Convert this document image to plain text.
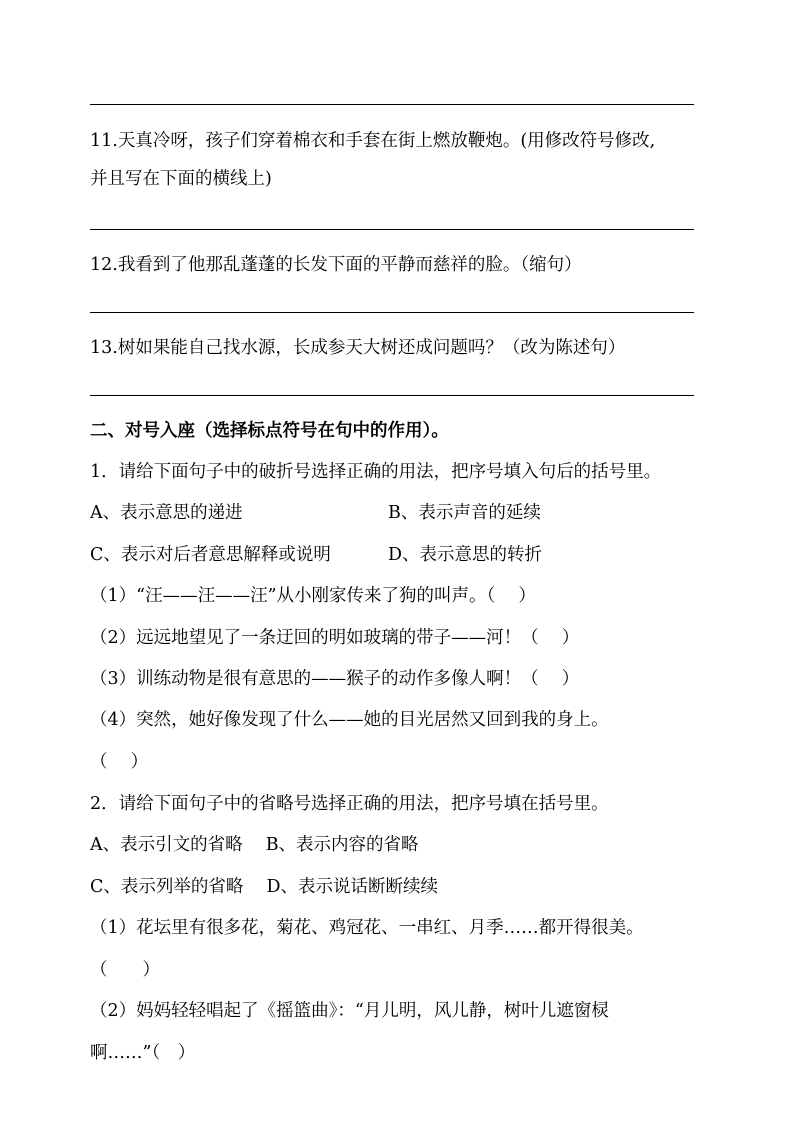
11.天真冷呀，孩子们穿着棉衣和手套在街上燃放鞭炮。(用修改符号修改,
并且写在下面的横线上)
12.我看到了他那乱蓬蓬的长发下面的平静而慈祥的脸。（缩句）
13.树如果能自己找水源，长成参天大树还成问题吗？（改为陈述句）
二、对号入座（选择标点符号在句中的作用）。
1．请给下面句子中的破折号选择正确的用法，把序号填入句后的括号里。
A、表示意思的递进	B、表示声音的延续
C、表示对后者意思解释或说明	D、表示意思的转折
（1）“汪——汪——汪”从小刚家传来了狗的叫声。（　 ）
（2）远远地望见了一条迂回的明如玻璃的带子——河！（　 ）
（3）训练动物是很有意思的——猴子的动作多像人啊！（　 ）
（4）突然，她好像发现了什么——她的目光居然又回到我的身上。
（　 ）
2．请给下面句子中的省略号选择正确的用法，把序号填在括号里。
A、表示引文的省略　 B、表示内容的省略
C、表示列举的省略　 D、表示说话断断续续
（1）花坛里有很多花，菊花、鸡冠花、一串红、月季……都开得很美。
（　　）
（2）妈妈轻轻唱起了《摇篮曲》：“月儿明，风儿静，树叶儿遮窗棂
啊……”（　）
